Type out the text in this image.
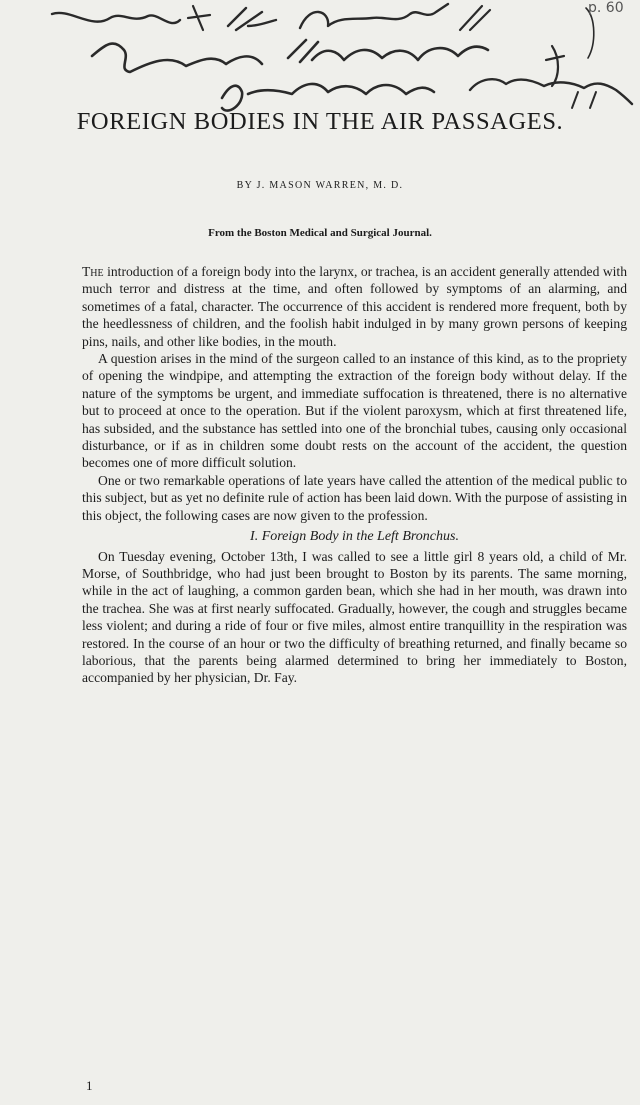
p. 60
FOREIGN BODIES IN THE AIR PASSAGES.
BY J. MASON WARREN, M. D.
From the Boston Medical and Surgical Journal.

The introduction of a foreign body into the larynx, or trachea, is an accident generally attended with much terror and distress at the time, and often followed by symptoms of an alarming, and sometimes of a fatal, character. The occurrence of this accident is rendered more frequent, both by the heedlessness of children, and the foolish habit indulged in by many grown persons of keeping pins, nails, and other like bodies, in the mouth.

A question arises in the mind of the surgeon called to an instance of this kind, as to the propriety of opening the windpipe, and attempting the extraction of the foreign body without delay. If the nature of the symptoms be urgent, and immediate suffocation is threatened, there is no alternative but to proceed at once to the operation. But if the violent paroxysm, which at first threatened life, has subsided, and the substance has settled into one of the bronchial tubes, causing only occasional disturbance, or if as in children some doubt rests on the account of the accident, the question becomes one of more difficult solution.

One or two remarkable operations of late years have called the attention of the medical public to this subject, but as yet no definite rule of action has been laid down. With the purpose of assisting in this object, the following cases are now given to the profession.

I. Foreign Body in the Left Bronchus.

On Tuesday evening, October 13th, I was called to see a little girl 8 years old, a child of Mr. Morse, of Southbridge, who had just been brought to Boston by its parents. The same morning, while in the act of laughing, a common garden bean, which she had in her mouth, was drawn into the trachea. She was at first nearly suffocated. Gradually, however, the cough and struggles became less violent; and during a ride of four or five miles, almost entire tranquillity in the respiration was restored. In the course of an hour or two the difficulty of breathing returned, and finally became so laborious, that the parents being alarmed determined to bring her immediately to Boston, accompanied by her physician, Dr. Fay.

1
